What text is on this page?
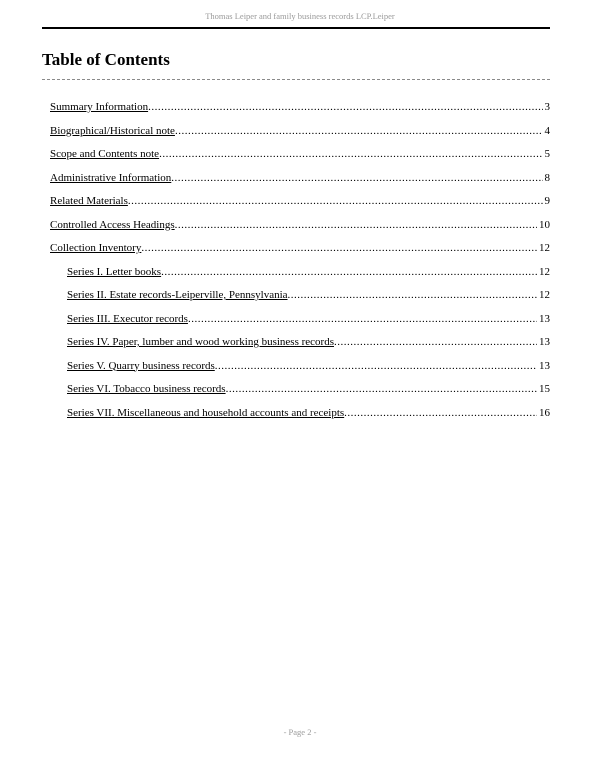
Thomas Leiper and family business records LCP.Leiper
Table of Contents
Summary Information .....	3
Biographical/Historical note .....	4
Scope and Contents note .....	5
Administrative Information .....	8
Related Materials .....	9
Controlled Access Headings .....	10
Collection Inventory .....	12
Series I. Letter books .....	12
Series II. Estate records-Leiperville, Pennsylvania .....	12
Series III. Executor records .....	13
Series IV. Paper, lumber and wood working business records .....	13
Series V. Quarry business records .....	13
Series VI. Tobacco business records .....	15
Series VII. Miscellaneous and household accounts and receipts .....	16
- Page 2 -
